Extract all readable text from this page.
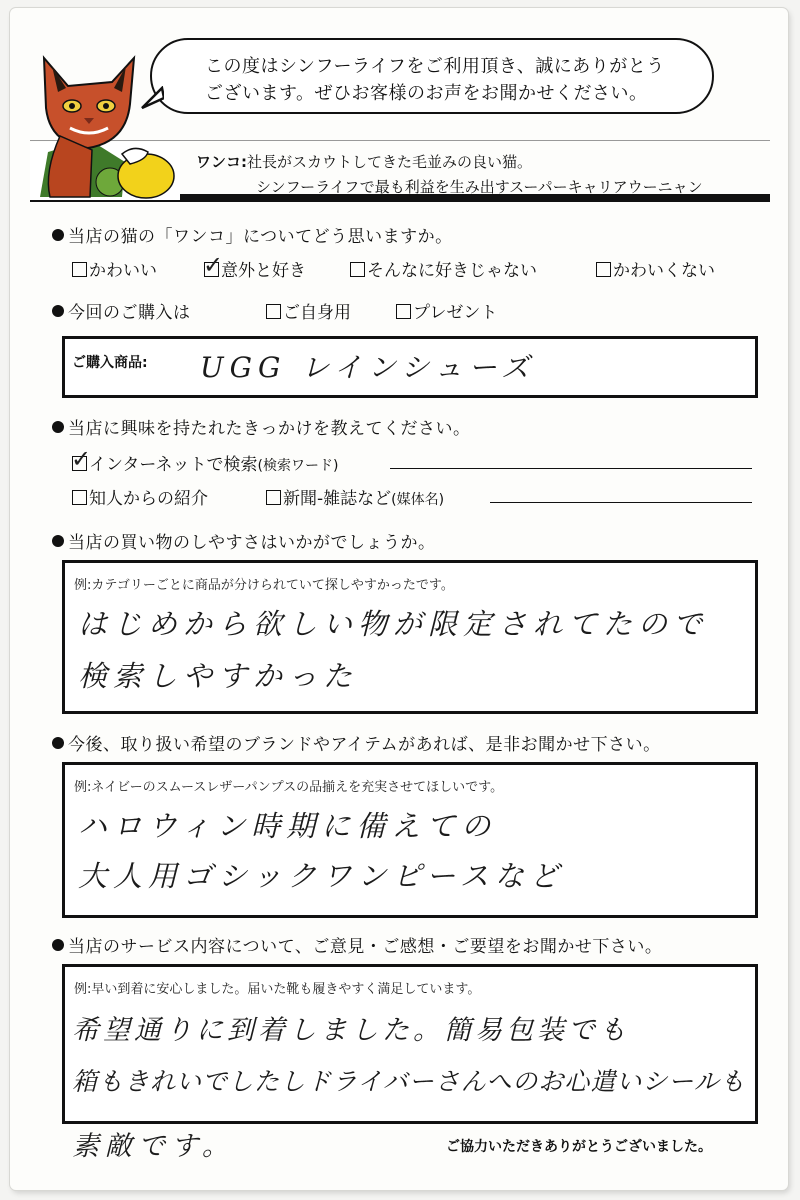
この度はシンフーライフをご利用頂き、誠にありがとう
ございます。ぜひお客様のお声をお聞かせください。
ワンコ:社長がスカウトしてきた毛並みの良い猫。
シンフーライフで最も利益を生み出すスーパーキャリアウーニャン
当店の猫の「ワンコ」についてどう思いますか。
かわいい ✓
意外と好き	そんなに好きじゃない	かわいくない
今回のご購入は	ご自身用	プレゼント
ご購入商品: UGG レインシューズ
当店に興味を持たれたきっかけを教えてください。
✓
インターネットで検索(検索ワード)
知人からの紹介	新聞-雑誌など(媒体名)
当店の買い物のしやすさはいかがでしょうか。
例:カテゴリーごとに商品が分けられていて探しやすかったです。
はじめから欲しい物が限定されてたので
検索しやすかった
今後、取り扱い希望のブランドやアイテムがあれば、是非お聞かせ下さい。
例:ネイビーのスムースレザーパンプスの品揃えを充実させてほしいです。
ハロウィン時期に備えての
大人用ゴシックワンピースなど
当店のサービス内容について、ご意見・ご感想・ご要望をお聞かせ下さい。
例:早い到着に安心しました。届いた靴も履きやすく満足しています。
希望通りに到着しました。簡易包装でも
箱もきれいでしたしドライバーさんへのお心遣いシールも
素敵です。	ご協力いただきありがとうございました。
